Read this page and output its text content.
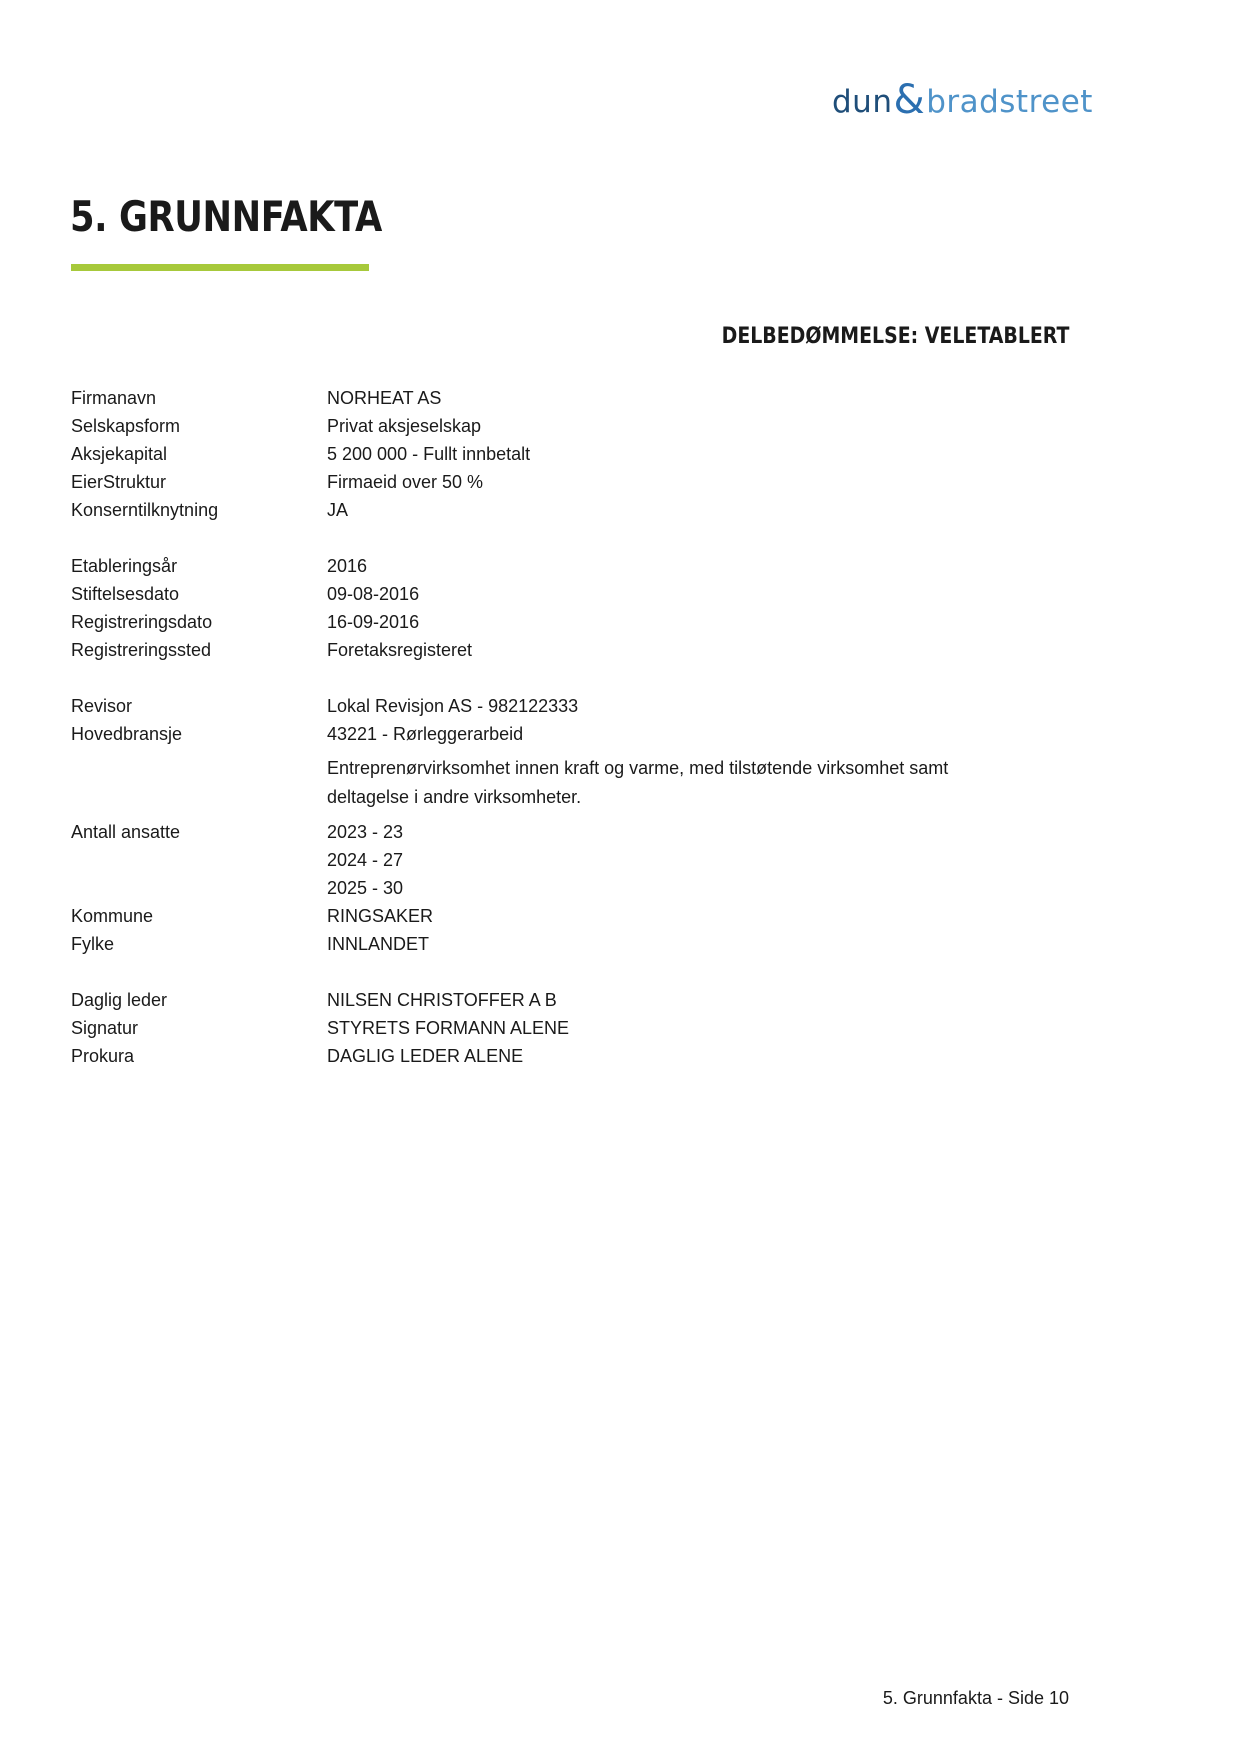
dun & bradstreet
5. GRUNNFAKTA
DELBEDØMMELSE: VELETABLERT
Firmanavn	NORHEAT AS
Selskapsform	Privat aksjeselskap
Aksjekapital	5 200 000 - Fullt innbetalt
EierStruktur	Firmaeid over 50 %
Konserntilknytning	JA
Etableringsår	2016
Stiftelsesdato	09-08-2016
Registreringsdato	16-09-2016
Registreringssted	Foretaksregisteret
Revisor	Lokal Revisjon AS - 982122333
Hovedbransje	43221 - Rørleggerarbeid
Entreprenørvirksomhet innen kraft og varme, med tilstøtende virksomhet samt deltagelse i andre virksomheter.
Antall ansatte	2023 - 23
2024 - 27
2025 - 30
Kommune	RINGSAKER
Fylke	INNLANDET
Daglig leder	NILSEN CHRISTOFFER A B
Signatur	STYRETS FORMANN ALENE
Prokura	DAGLIG LEDER ALENE
5. Grunnfakta - Side 10
